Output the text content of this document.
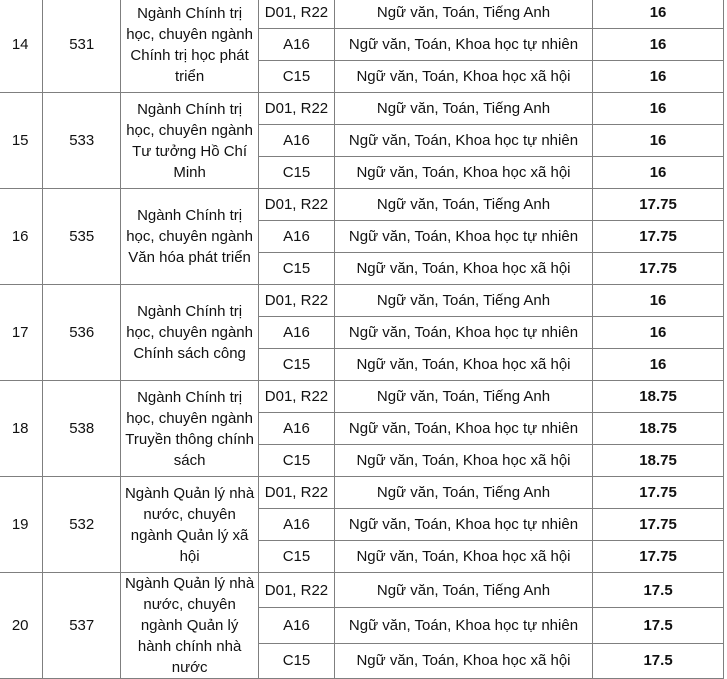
14	531	Ngành Chính trị học, chuyên ngành Chính trị học phát triển	D01, R22	Ngữ văn, Toán, Tiếng Anh	16
			A16	Ngữ văn, Toán, Khoa học tự nhiên	16
			C15	Ngữ văn, Toán, Khoa học xã hội	16
15	533	Ngành Chính trị học, chuyên ngành Tư tưởng Hồ Chí Minh	D01, R22	Ngữ văn, Toán, Tiếng Anh	16
			A16	Ngữ văn, Toán, Khoa học tự nhiên	16
			C15	Ngữ văn, Toán, Khoa học xã hội	16
16	535	Ngành Chính trị học, chuyên ngành Văn hóa phát triển	D01, R22	Ngữ văn, Toán, Tiếng Anh	17.75
			A16	Ngữ văn, Toán, Khoa học tự nhiên	17.75
			C15	Ngữ văn, Toán, Khoa học xã hội	17.75
17	536	Ngành Chính trị học, chuyên ngành Chính sách công	D01, R22	Ngữ văn, Toán, Tiếng Anh	16
			A16	Ngữ văn, Toán, Khoa học tự nhiên	16
			C15	Ngữ văn, Toán, Khoa học xã hội	16
18	538	Ngành Chính trị học, chuyên ngành Truyền thông chính sách	D01, R22	Ngữ văn, Toán, Tiếng Anh	18.75
			A16	Ngữ văn, Toán, Khoa học tự nhiên	18.75
			C15	Ngữ văn, Toán, Khoa học xã hội	18.75
19	532	Ngành Quản lý nhà nước, chuyên ngành Quản lý xã hội	D01, R22	Ngữ văn, Toán, Tiếng Anh	17.75
			A16	Ngữ văn, Toán, Khoa học tự nhiên	17.75
			C15	Ngữ văn, Toán, Khoa học xã hội	17.75
20	537	Ngành Quản lý nhà nước, chuyên ngành Quản lý hành chính nhà nước	D01, R22	Ngữ văn, Toán, Tiếng Anh	17.5
			A16	Ngữ văn, Toán, Khoa học tự nhiên	17.5
			C15	Ngữ văn, Toán, Khoa học xã hội	17.5
